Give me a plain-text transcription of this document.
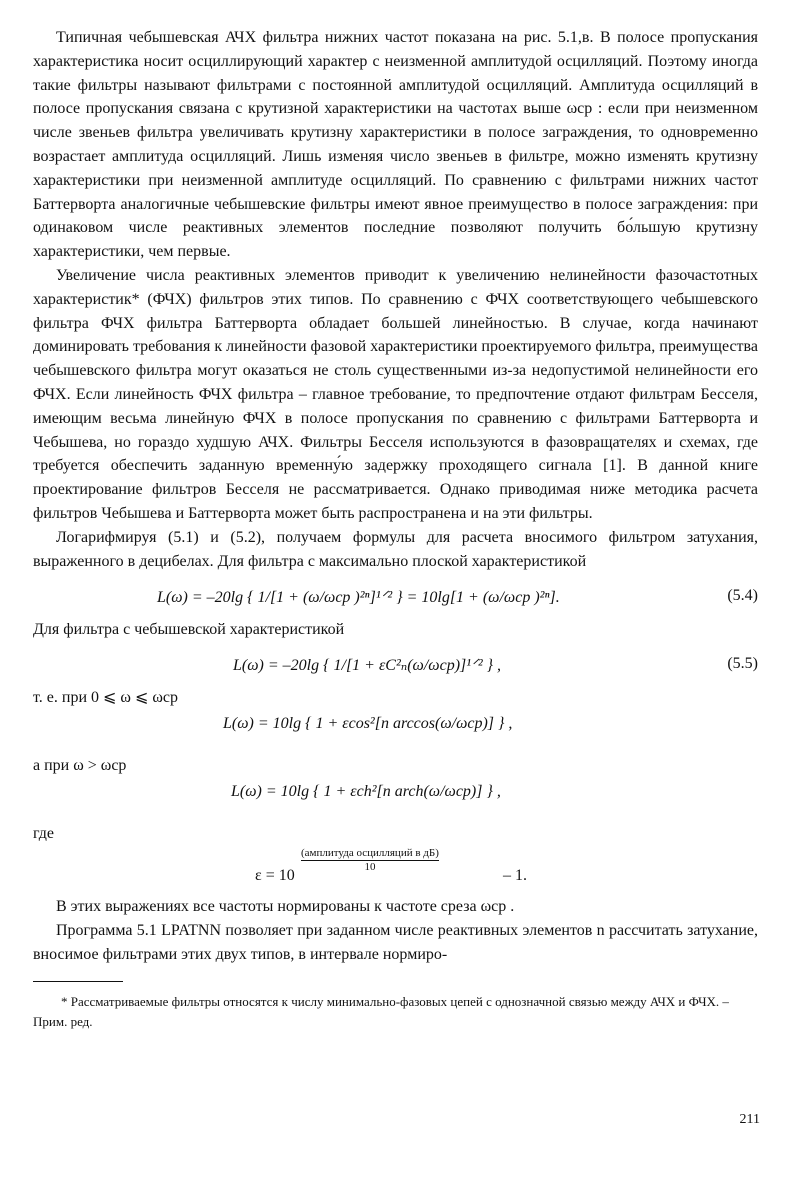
Типичная чебышевская АЧХ фильтра нижних частот показана на рис. 5.1,в. В полосе пропускания характеристика носит осциллирующий характер с неизменной амплитудой осцилляций. Поэтому иногда такие фильтры называют фильтрами с постоянной амплитудой осцилляций. Амплитуда осцилляций в полосе пропускания связана с крутизной характеристики на частотах выше ωср : если при неизменном числе звеньев фильтра увеличивать крутизну характеристики в полосе заграждения, то одновременно возрастает амплитуда осцилляций. Лишь изменяя число звеньев в фильтре, можно изменять крутизну характеристики при неизменной амплитуде осцилляций. По сравнению с фильтрами нижних частот Баттерворта аналогичные чебышевские фильтры имеют явное преимущество в полосе заграждения: при одинаковом числе реактивных элементов последние позволяют получить бо́льшую крутизну характеристики, чем первые.

Увеличение числа реактивных элементов приводит к увеличению нелинейности фазочастотных характеристик* (ФЧХ) фильтров этих типов. По сравнению с ФЧХ соответствующего чебышевского фильтра ФЧХ фильтра Баттерворта обладает большей линейностью. В случае, когда начинают доминировать требования к линейности фазовой характеристики проектируемого фильтра, преимущества чебышевского фильтра могут оказаться не столь существенными из-за недопустимой нелинейности его ФЧХ. Если линейность ФЧХ фильтра – главное требование, то предпочтение отдают фильтрам Бесселя, имеющим весьма линейную ФЧХ в полосе пропускания по сравнению с фильтрами Баттерворта и Чебышева, но гораздо худшую АЧХ. Фильтры Бесселя используются в фазовращателях и схемах, где требуется обеспечить заданную временну́ю задержку проходящего сигнала [1]. В данной книге проектирование фильтров Бесселя не рассматривается. Однако приводимая ниже методика расчета фильтров Чебышева и Баттерворта может быть распространена и на эти фильтры.

Логарифмируя (5.1) и (5.2), получаем формулы для расчета вносимого фильтром затухания, выраженного в децибелах. Для фильтра с максимально плоской характеристикой

L(ω) = –20lg { 1/[1 + (ω/ωср )²ⁿ]¹ᐟ² } = 10lg[1 + (ω/ωср )²ⁿ].	(5.4)

Для фильтра с чебышевской характеристикой

L(ω) = –20lg { 1/[1 + εC²ₙ(ω/ωср)]¹ᐟ² } ,	(5.5)

т. е. при 0 ⩽ ω ⩽ ωср

L(ω) = 10lg { 1 + εcos²[n arccos(ω/ωср)] } ,

а при ω > ωср

L(ω) = 10lg { 1 + εch²[n arch(ω/ωср)] } ,

где

ε = 10
(амплитуда осцилляций в дБ)
10	– 1.

В этих выражениях все частоты нормированы к частоте среза ωср .

Программа 5.1 LPATNN позволяет при заданном числе реактивных элементов n рассчитать затухание, вносимое фильтрами этих двух типов, в интервале нормиро-

* Рассматриваемые фильтры относятся к числу минимально-фазовых цепей с однозначной связью между АЧХ и ФЧХ. – Прим. ред.

211
